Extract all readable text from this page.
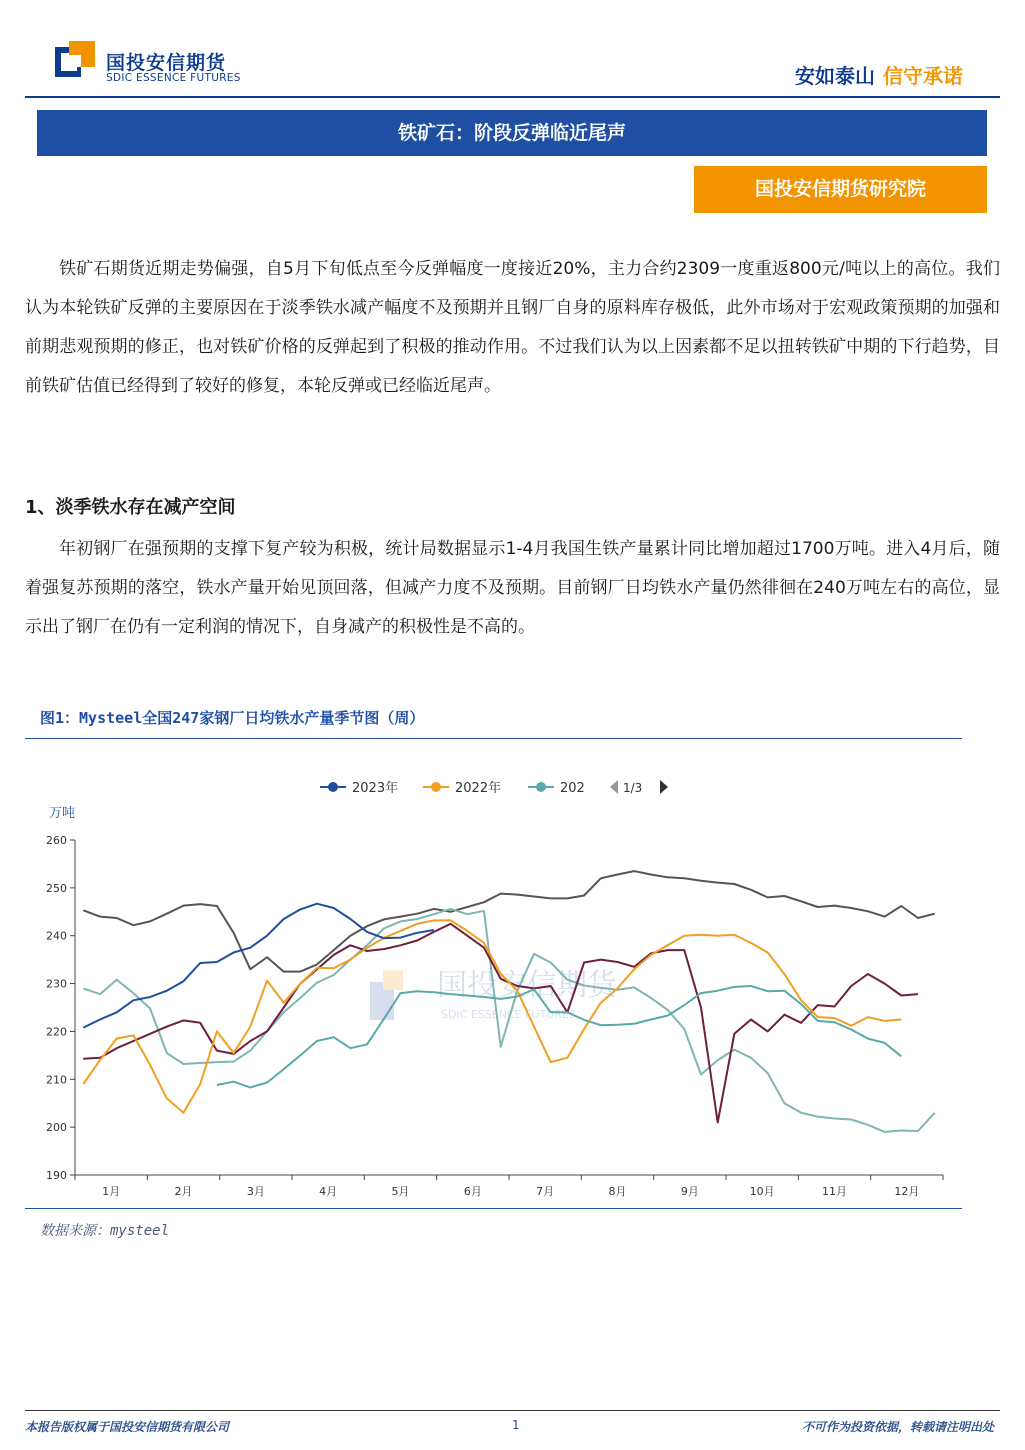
国投安信期货
SDIC ESSENCE FUTURES	安如泰山 信守承诺
铁矿石：阶段反弹临近尾声
国投安信期货研究院
铁矿石期货近期走势偏强，自5月下旬低点至今反弹幅度一度接近20%，主力合约2309一度重返800元/吨以上的高位。我们认为本轮铁矿反弹的主要原因在于淡季铁水减产幅度不及预期并且钢厂自身的原料库存极低，此外市场对于宏观政策预期的加强和前期悲观预期的修正，也对铁矿价格的反弹起到了积极的推动作用。不过我们认为以上因素都不足以扭转铁矿中期的下行趋势，目前铁矿估值已经得到了较好的修复，本轮反弹或已经临近尾声。
1、淡季铁水存在减产空间
年初钢厂在强预期的支撑下复产较为积极，统计局数据显示1-4月我国生铁产量累计同比增加超过1700万吨。进入4月后，随着强复苏预期的落空，铁水产量开始见顶回落，但减产力度不及预期。目前钢厂日均铁水产量仍然徘徊在240万吨左右的高位，显示出了钢厂在仍有一定利润的情况下，自身减产的积极性是不高的。
图1：Mysteel全国247家钢厂日均铁水产量季节图（周）
国投安信期货
SDIC ESSENCE FUTURES
2023年	2022年	202	1/3
万吨
190
200
210
220
230
240
250
260
1月	2月	3月	4月	5月	6月	7月	8月	9月	10月	11月	12月
数据来源：mysteel
本报告版权属于国投安信期货有限公司	1	不可作为投资依据，转载请注明出处
